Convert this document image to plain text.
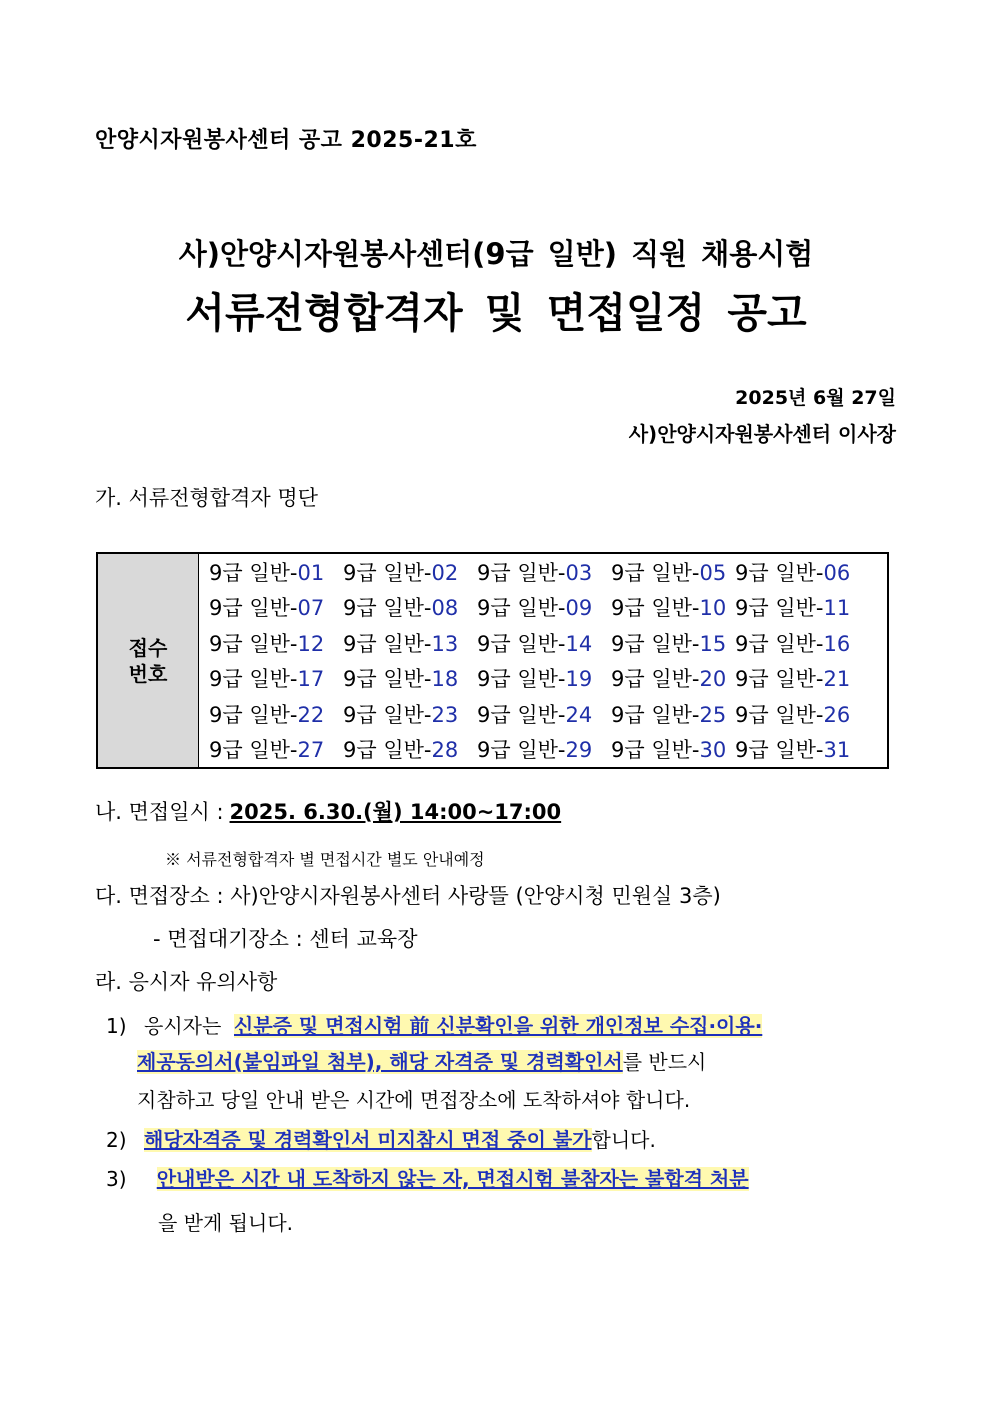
안양시자원봉사센터 공고 2025-21호
사)안양시자원봉사센터(9급 일반) 직원 채용시험
서류전형합격자 및 면접일정 공고
2025년 6월 27일
사)안양시자원봉사센터 이사장
가. 서류전형합격자 명단
접수
번호

9급 일반-01 9급 일반-02 9급 일반-03 9급 일반-05 9급 일반-06
9급 일반-07 9급 일반-08 9급 일반-09 9급 일반-10 9급 일반-11
9급 일반-12 9급 일반-13 9급 일반-14 9급 일반-15 9급 일반-16
9급 일반-17 9급 일반-18 9급 일반-19 9급 일반-20 9급 일반-21
9급 일반-22 9급 일반-23 9급 일반-24 9급 일반-25 9급 일반-26
9급 일반-27 9급 일반-28 9급 일반-29 9급 일반-30 9급 일반-31
나. 면접일시 : 2025. 6.30.(월) 14:00~17:00
※ 서류전형합격자 별 면접시간 별도 안내예정
다. 면접장소 : 사)안양시자원봉사센터 사랑뜰 (안양시청 민원실 3층)
- 면접대기장소 : 센터 교육장
라. 응시자 유의사항
1) 응시자는 신분증 및 면접시험 前 신분확인을 위한 개인정보 수집·이용·
제공동의서(붙임파일 첨부), 해당 자격증 및 경력확인서를 반드시
지참하고 당일 안내 받은 시간에 면접장소에 도착하셔야 합니다.
2) 해당자격증 및 경력확인서 미지참시 면접 중이 불가합니다.
3) 안내받은 시간 내 도착하지 않는 자, 면접시험 불참자는 불합격 처분
을 받게 됩니다.
